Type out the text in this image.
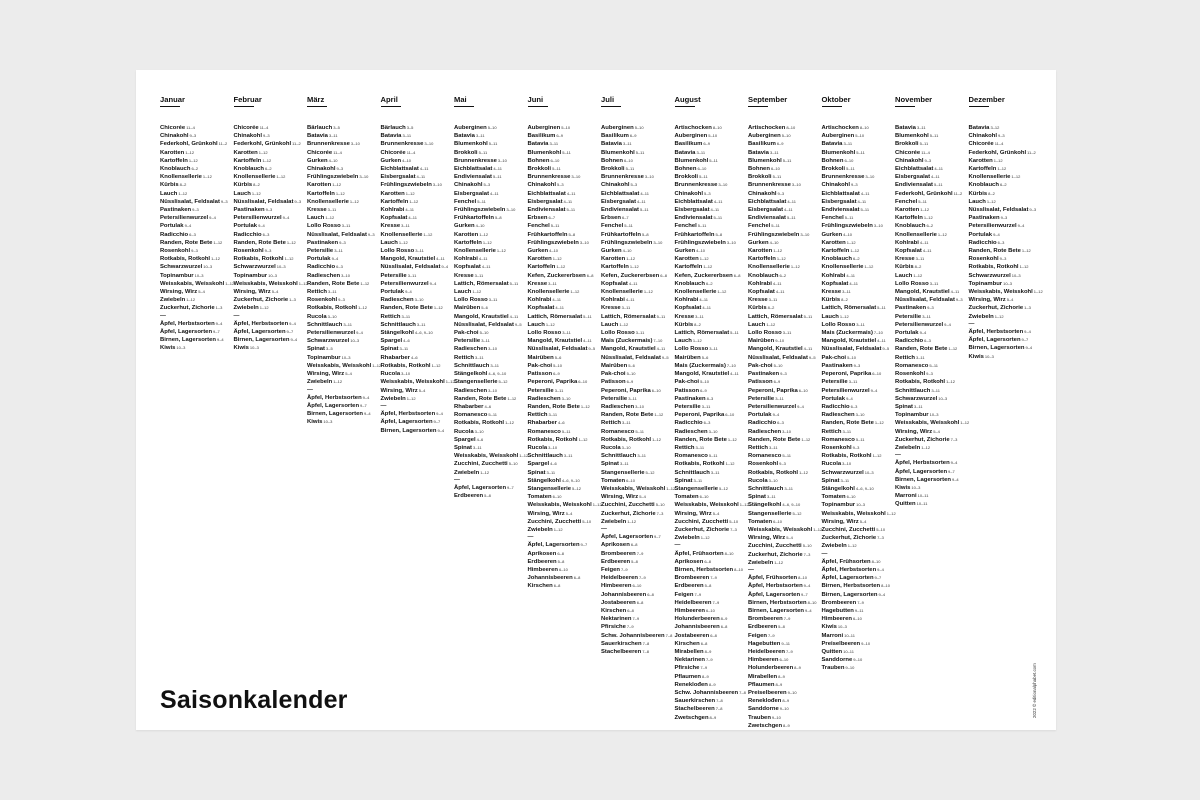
Januar
Chicorée11–4
Chinakohl9–3
Federkohl, Grünkohl11–2
Karotten1–12
Kartoffeln1–12
Knoblauch6–2
Knollensellerie1–12
Kürbis8–2
Lauch1–12
Nüsslisalat, Feldsalat9–3
Pastinaken9–3
Petersilienwurzel9–4
Portulak9–4
Radicchio6–3
Randen, Rote Bete1–12
Rosenkohl9–3
Rotkabis, Rotkohl1–12
Schwarzwurzel10–3
Topinambur10–3
Weisskabis, Weisskohl1–12
Wirsing, Wirz5–4
Zwiebeln1–12
Zuckerhut, Zichorie1–3
—
Äpfel, Herbstsorten9–4
Äpfel, Lagersorten9–7
Birnen, Lagersorten9–4
Kiwis10–3
Februar
Chicorée11–4
Chinakohl9–3
Federkohl, Grünkohl11–2
Karotten1–12
Kartoffeln1–12
Knoblauch6–2
Knollensellerie1–12
Kürbis8–2
Lauch1–12
Nüsslisalat, Feldsalat9–3
Pastinaken9–3
Petersilienwurzel9–4
Portulak9–4
Radicchio6–3
Randen, Rote Bete1–12
Rosenkohl9–3
Rotkabis, Rotkohl1–12
Schwarzwurzel10–3
Topinambur10–3
Weisskabis, Weisskohl1–12
Wirsing, Wirz5–4
Zuckerhut, Zichorie1–3
Zwiebeln1–12
—
Äpfel, Herbstsorten9–4
Äpfel, Lagersorten9–7
Birnen, Lagersorten9–4
Kiwis10–3
März
Bärlauch3–5
Batavia3–11
Brunnenkresse3–10
Chicorée11–4
Gurken4–10
Chinakohl9–3
Frühlingszwiebeln3–10
Karotten1–12
Kartoffeln1–12
Knollensellerie1–12
Kresse3–11
Lauch1–12
Lollo Rosso3–11
Nüsslisalat, Feldsalat9–3
Pastinaken9–3
Petersilie3–11
Portulak9–4
Radicchio6–3
Radieschen3–10
Randen, Rote Bete1–12
Rettich3–11
Rosenkohl9–3
Rotkabis, Rotkohl1–12
Rucola3–10
Schnittlauch3–11
Petersilienwurzel9–4
Schwarzwurzel10–3
Spinat3–5
Topinambur10–3
Weisskabis, Weisskohl1–12
Wirsing, Wirz5–4
Zwiebeln1–12
—
Äpfel, Herbstsorten9–4
Äpfel, Lagersorten9–7
Birnen, Lagersorten9–4
Kiwis10–3
April
Bärlauch3–5
Batavia3–11
Brunnenkresse3–10
Chicorée11–4
Gurken4–10
Eichblattsalat4–11
Eisbergsalat4–11
Frühlingszwiebeln3–10
Karotten1–12
Kartoffeln1–12
Kohlrabi4–11
Kopfsalat4–11
Kresse3–11
Knollensellerie1–12
Lauch1–12
Lollo Rosso3–11
Mangold, Krautstiel4–11
Nüsslisalat, Feldsalat9–4
Petersilie3–11
Petersilienwurzel9–4
Portulak9–4
Radieschen3–10
Randen, Rote Bete1–12
Rettich3–11
Schnittlauch3–11
Stängelkohl4–6, 9–10
Spargel4–6
Spinat3–11
Rhabarber4–6
Rotkabis, Rotkohl1–12
Rucola3–10
Weisskabis, Weisskohl1–12
Wirsing, Wirz5–4
Zwiebeln1–12
—
Äpfel, Herbstsorten9–4
Äpfel, Lagersorten9–7
Birnen, Lagersorten9–4
Mai
Auberginen5–10
Batavia3–11
Blumenkohl5–11
Brokkoli5–11
Brunnenkresse3–10
Eichblattsalat4–11
Endiviensalat5–11
Chinakohl5–3
Eisbergsalat4–11
Fenchel5–11
Frühlingszwiebeln3–10
Frühkartoffeln5–8
Gurken4–10
Karotten1–12
Kartoffeln1–12
Knollensellerie1–12
Kohlrabi4–11
Kopfsalat4–11
Kresse3–11
Lattich, Römersalat5–11
Lauch1–12
Lollo Rosso3–11
Mairüben5–6
Mangold, Krautstiel4–11
Nüsslisalat, Feldsalat9–5
Pak-choi5–10
Petersilie3–11
Radieschen3–10
Rettich3–11
Schnittlauch3–11
Stängelkohl4–6, 9–10
Stangensellerie5–12
Radieschen3–10
Randen, Rote Bete1–12
Rhabarber4–6
Romanesco5–11
Rotkabis, Rotkohl1–12
Rucola3–10
Spargel4–6
Spinat3–11
Weisskabis, Weisskohl1–12
Zucchini, Zucchetti5–10
Zwiebeln1–12
—
Äpfel, Lagersorten9–7
Erdbeeren5–8
Juni
Auberginen5–10
Basilikum6–9
Batavia3–11
Blumenkohl5–11
Bohnen6–10
Brokkoli5–11
Brunnenkresse3–10
Chinakohl5–3
Eichblattsalat4–11
Eisbergsalat4–11
Endiviensalat5–11
Erbsen6–7
Fenchel5–11
Frühkartoffeln5–8
Frühlingszwiebeln3–10
Gurken4–10
Karotten1–12
Kartoffeln1–12
Kefen, Zuckererbsen6–8
Kresse3–11
Knollensellerie1–12
Kohlrabi4–11
Kopfsalat4–11
Lattich, Römersalat5–11
Lauch1–12
Lollo Rosso3–11
Mangold, Krautstiel4–11
Nüsslisalat, Feldsalat9–5
Mairüben5–6
Pak-choi5–10
Patisson6–9
Peperoni, Paprika6–10
Petersilie3–11
Radieschen3–10
Randen, Rote Bete1–12
Rettich3–11
Rhabarber4–6
Romanesco5–11
Rotkabis, Rotkohl1–12
Rucola3–10
Schnittlauch3–11
Spargel4–6
Spinat3–11
Stängelkohl4–6, 9–10
Stangensellerie5–12
Tomaten6–10
Weisskabis, Weisskohl1–12
Wirsing, Wirz5–4
Zucchini, Zucchetti5–10
Zwiebeln1–12
—
Äpfel, Lagersorten9–7
Aprikosen6–8
Erdbeeren5–8
Himbeeren6–10
Johannisbeeren6–8
Kirschen6–8
Juli
Auberginen5–10
Basilikum6–9
Batavia3–11
Blumenkohl5–11
Bohnen6–10
Brokkoli5–11
Brunnenkresse3–10
Chinakohl5–3
Eichblattsalat4–11
Eisbergsalat4–11
Endiviensalat5–11
Erbsen6–7
Fenchel5–11
Frühkartoffeln5–8
Frühlingszwiebeln3–10
Gurken4–10
Karotten1–12
Kartoffeln1–12
Kefen, Zuckererbsen6–8
Kopfsalat4–11
Knollensellerie1–12
Kohlrabi4–11
Kresse3–11
Lattich, Römersalat5–11
Lauch1–12
Lollo Rosso3–11
Mais (Zuckermais)7–10
Mangold, Krautstiel4–11
Nüsslisalat, Feldsalat9–5
Mairüben5–6
Pak-choi5–10
Patisson6–9
Peperoni, Paprika6–10
Petersilie3–11
Radieschen3–10
Randen, Rote Bete1–12
Rettich3–11
Romanesco5–11
Rotkabis, Rotkohl1–12
Rucola3–10
Schnittlauch3–11
Spinat3–11
Stangensellerie5–12
Tomaten6–10
Weisskabis, Weisskohl1–12
Wirsing, Wirz5–4
Zucchini, Zucchetti5–10
Zuckerhut, Zichorie7–3
Zwiebeln1–12
—
Äpfel, Lagersorten9–7
Aprikosen6–8
Brombeeren7–9
Erdbeeren5–8
Feigen7–9
Heidelbeeren7–9
Himbeeren6–10
Johannisbeeren6–8
Jostabeeren6–8
Kirschen6–8
Nektarinen7–9
Pfirsiche7–9
Schw. Johannisbeeren7–8
Sauerkirschen7–8
Stachelbeeren7–8
August
Artischocken8–10
Auberginen5–10
Basilikum6–9
Batavia3–11
Blumenkohl5–11
Bohnen6–10
Brokkoli5–11
Brunnenkresse3–10
Chinakohl5–3
Eichblattsalat4–11
Eisbergsalat4–11
Endiviensalat5–11
Fenchel5–11
Frühkartoffeln5–8
Frühlingszwiebeln3–10
Gurken4–10
Karotten1–12
Kartoffeln1–12
Kefen, Zuckererbsen6–8
Knoblauch6–2
Knollensellerie1–12
Kohlrabi4–11
Kopfsalat4–11
Kresse3–11
Kürbis8–2
Lattich, Römersalat5–11
Lauch1–12
Lollo Rosso3–11
Mairüben5–6
Mais (Zuckermais)7–10
Mangold, Krautstiel4–11
Pak-choi5–10
Patisson6–9
Pastinaken8–3
Petersilie3–11
Peperoni, Paprika6–10
Radicchio6–3
Radieschen3–10
Randen, Rote Bete1–12
Rettich3–11
Romanesco5–11
Rotkabis, Rotkohl1–12
Schnittlauch3–11
Spinat3–11
Stangensellerie5–12
Tomaten6–10
Weisskabis, Weisskohl1–12
Wirsing, Wirz5–4
Zucchini, Zucchetti5–10
Zuckerhut, Zichorie7–3
Zwiebeln1–12
—
Äpfel, Frühsorten8–10
Aprikosen6–8
Birnen, Herbstsorten8–10
Brombeeren7–9
Erdbeeren5–8
Feigen7–9
Heidelbeeren7–9
Himbeeren6–10
Holunderbeeren8–9
Johannisbeeren6–8
Jostabeeren6–8
Kirschen6–8
Mirabellen8–9
Nektarinen7–9
Pfirsiche7–9
Pflaumen8–9
Reneklođen8–9
Schw. Johannisbeeren7–8
Sauerkirschen7–8
Stachelbeeren7–8
Zwetschgen8–9
September
Artischocken8–10
Auberginen5–10
Basilikum6–9
Batavia3–11
Blumenkohl5–11
Bohnen6–10
Brokkoli5–11
Brunnenkresse3–10
Chinakohl9–3
Eichblattsalat4–11
Eisbergsalat4–11
Endiviensalat5–11
Fenchel5–11
Frühlingszwiebeln3–10
Gurken4–10
Karotten1–12
Kartoffeln1–12
Knollensellerie1–12
Knoblauch6–2
Kohlrabi4–11
Kopfsalat4–11
Kresse3–11
Kürbis8–2
Lattich, Römersalat5–11
Lauch1–12
Lollo Rosso3–11
Mairüben9–10
Mangold, Krautstiel4–11
Nüsslisalat, Feldsalat9–5
Pak-choi5–10
Pastinaken9–3
Patisson6–9
Peperoni, Paprika6–10
Petersilie3–11
Petersilienwurzel9–4
Portulak9–4
Radicchio6–3
Radieschen3–10
Randen, Rote Bete1–12
Rettich3–11
Romanesco5–11
Rosenkohl9–3
Rotkabis, Rotkohl1–12
Rucola3–10
Schnittlauch3–11
Spinat3–11
Stängelkohl4–6, 9–10
Stangensellerie5–12
Tomaten6–10
Weisskabis, Weisskohl1–12
Wirsing, Wirz5–4
Zucchini, Zucchetti5–10
Zuckerhut, Zichorie7–3
Zwiebeln1–12
—
Äpfel, Frühsorten8–10
Äpfel, Herbstsorten9–4
Äpfel, Lagersorten9–7
Birnen, Herbstsorten8–10
Birnen, Lagersorten9–4
Brombeeren7–9
Erdbeeren5–8
Feigen7–9
Hagebutten9–11
Heidelbeeren7–9
Himbeeren6–10
Holunderbeeren8–9
Mirabellen8–9
Pflaumen8–9
Preiselbeeren9–10
Reneklođen8–9
Sanddorne9–10
Trauben9–10
Zwetschgen8–9
Oktober
Artischocken8–10
Auberginen5–10
Batavia3–11
Blumenkohl5–11
Bohnen6–10
Brokkoli5–11
Brunnenkresse3–10
Chinakohl9–3
Eichblattsalat4–11
Eisbergsalat4–11
Endiviensalat5–11
Fenchel5–11
Frühlingszwiebeln3–10
Gurken4–10
Karotten1–12
Kartoffeln1–12
Knoblauch6–2
Knollensellerie1–12
Kohlrabi4–11
Kopfsalat4–11
Kresse3–11
Kürbis8–2
Lattich, Römersalat5–11
Lauch1–12
Lollo Rosso3–11
Mais (Zuckermais)7–10
Mangold, Krautstiel4–11
Nüsslisalat, Feldsalat9–5
Pak-choi5–10
Pastinaken9–3
Peperoni, Paprika6–10
Petersilie3–11
Petersilienwurzel9–4
Portulak9–4
Radicchio6–3
Radieschen3–10
Randen, Rote Bete1–12
Rettich3–11
Romanesco5–11
Rosenkohl9–3
Rotkabis, Rotkohl1–12
Rucola3–10
Schwarzwurzel10–3
Spinat3–11
Stängelkohl4–6, 9–10
Tomaten6–10
Topinambur10–3
Weisskabis, Weisskohl1–12
Wirsing, Wirz5–4
Zucchini, Zucchetti5–10
Zuckerhut, Zichorie7–3
Zwiebeln1–12
—
Äpfel, Frühsorten8–10
Äpfel, Herbstsorten9–4
Äpfel, Lagersorten9–7
Birnen, Herbstsorten8–10
Birnen, Lagersorten9–4
Brombeeren7–9
Hagebutten9–11
Himbeeren6–10
Kiwis10–3
Marroni10–11
Preiselbeeren9–10
Quitten10–11
Sanddorne9–10
Trauben9–10
November
Batavia3–11
Blumenkohl5–11
Brokkoli5–11
Chicorée11–4
Chinakohl9–3
Eichblattsalat4–11
Eisbergsalat4–11
Endiviensalat5–11
Federkohl, Grünkohl11–2
Fenchel5–11
Karotten1–12
Kartoffeln1–12
Knoblauch6–2
Knollensellerie1–12
Kohlrabi4–11
Kopfsalat4–11
Kresse3–11
Kürbis8–2
Lauch1–12
Lollo Rosso3–11
Mangold, Krautstiel4–11
Nüsslisalat, Feldsalat9–3
Pastinaken9–3
Petersilie3–11
Petersilienwurzel9–4
Portulak9–4
Radicchio6–3
Randen, Rote Bete1–12
Rettich3–11
Romanesco5–11
Rosenkohl9–3
Rotkabis, Rotkohl1–12
Schnittlauch3–11
Schwarzwurzel10–3
Spinat3–11
Topinambur10–3
Weisskabis, Weisskohl1–12
Wirsing, Wirz5–4
Zuckerhut, Zichorie7–3
Zwiebeln1–12
—
Äpfel, Herbstsorten9–4
Äpfel, Lagersorten9–7
Birnen, Lagersorten9–4
Kiwis10–3
Marroni10–11
Quitten10–11
Dezember
Batavia3–12
Chinakohl9–3
Chicorée11–4
Federkohl, Grünkohl11–2
Karotten1–12
Kartoffeln1–12
Knollensellerie1–12
Knoblauch6–2
Kürbis8–2
Lauch1–12
Nüsslisalat, Feldsalat9–3
Pastinaken9–3
Petersilienwurzel9–4
Portulak9–4
Radicchio6–3
Randen, Rote Bete1–12
Rosenkohl9–3
Rotkabis, Rotkohl1–12
Schwarzwurzel10–3
Topinambur10–3
Weisskabis, Weisskohl1–12
Wirsing, Wirz5–4
Zuckerhut, Zichorie1–3
Zwiebeln1–12
—
Äpfel, Herbstsorten9–4
Äpfel, Lagersorten9–7
Birnen, Lagersorten9–4
Kiwis10–3
Saisonkalender	2022 © editionalphabet.com
